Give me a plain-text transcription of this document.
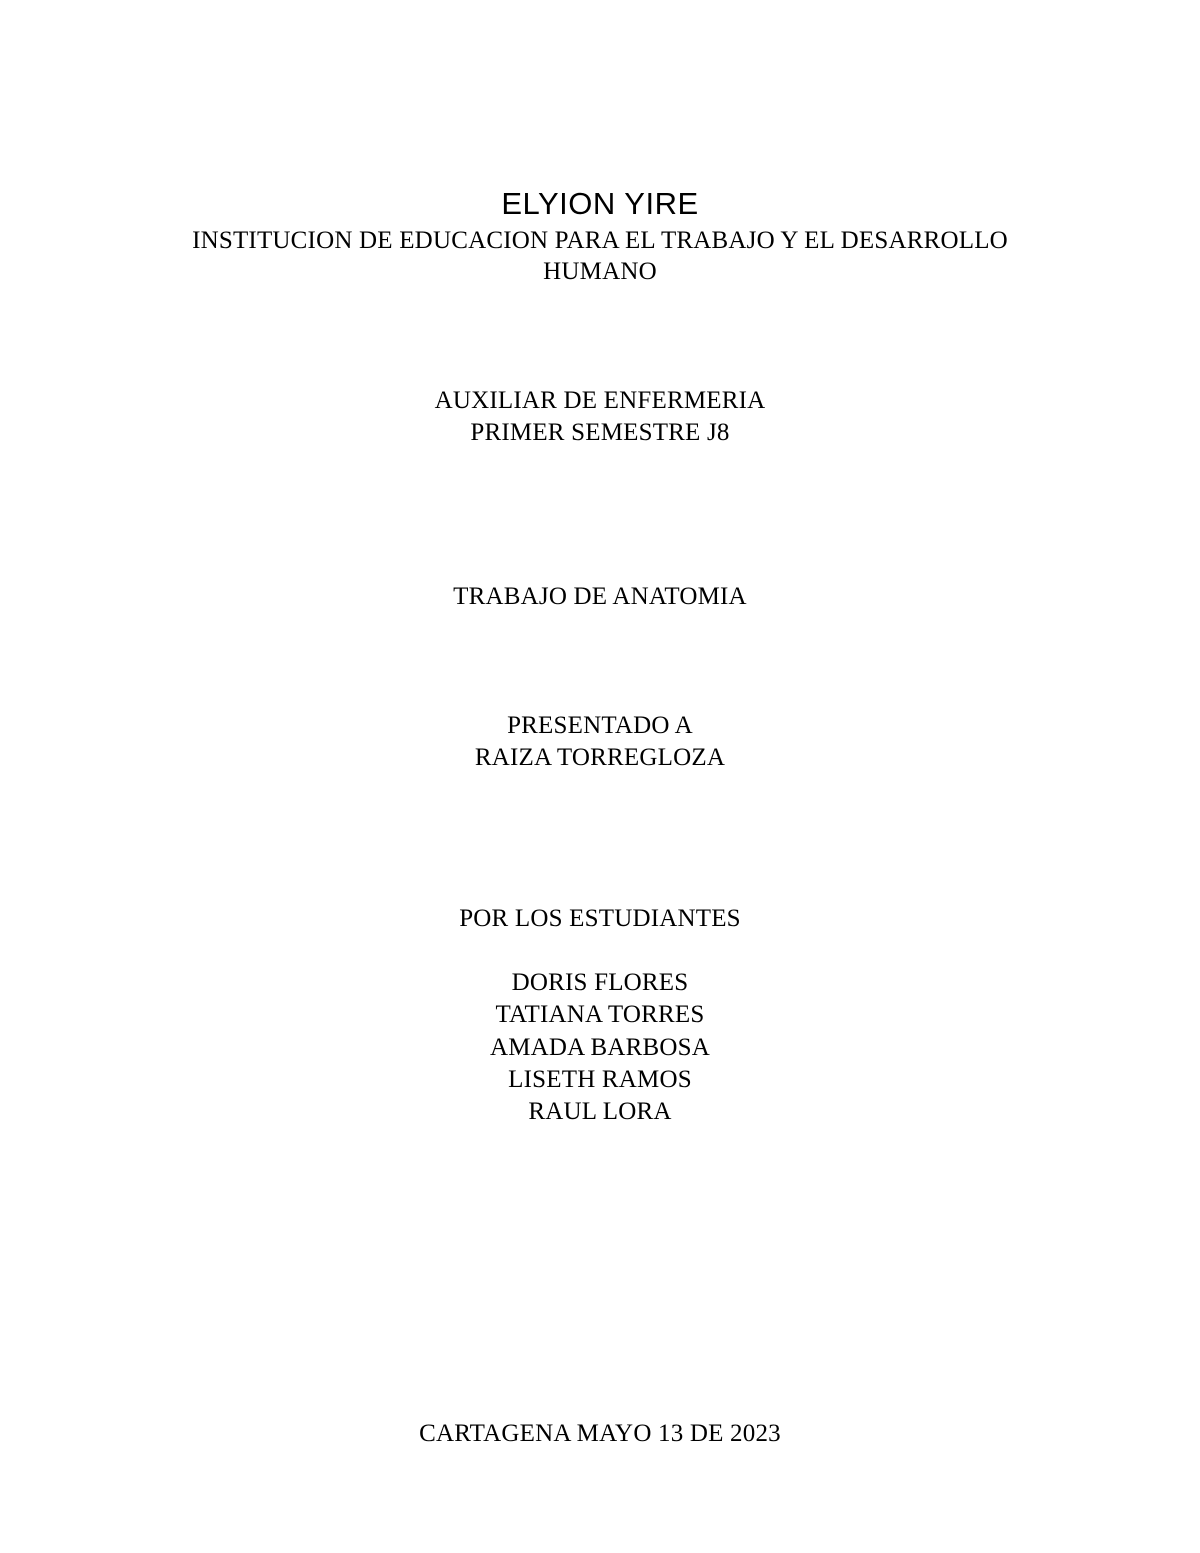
ELYION YIRE
INSTITUCION DE EDUCACION PARA EL TRABAJO Y EL DESARROLLO
HUMANO
AUXILIAR DE ENFERMERIA
PRIMER SEMESTRE J8
TRABAJO DE ANATOMIA
PRESENTADO A
RAIZA TORREGLOZA
POR LOS ESTUDIANTES
DORIS FLORES
TATIANA TORRES
AMADA BARBOSA
LISETH RAMOS
RAUL LORA
CARTAGENA MAYO 13 DE 2023
